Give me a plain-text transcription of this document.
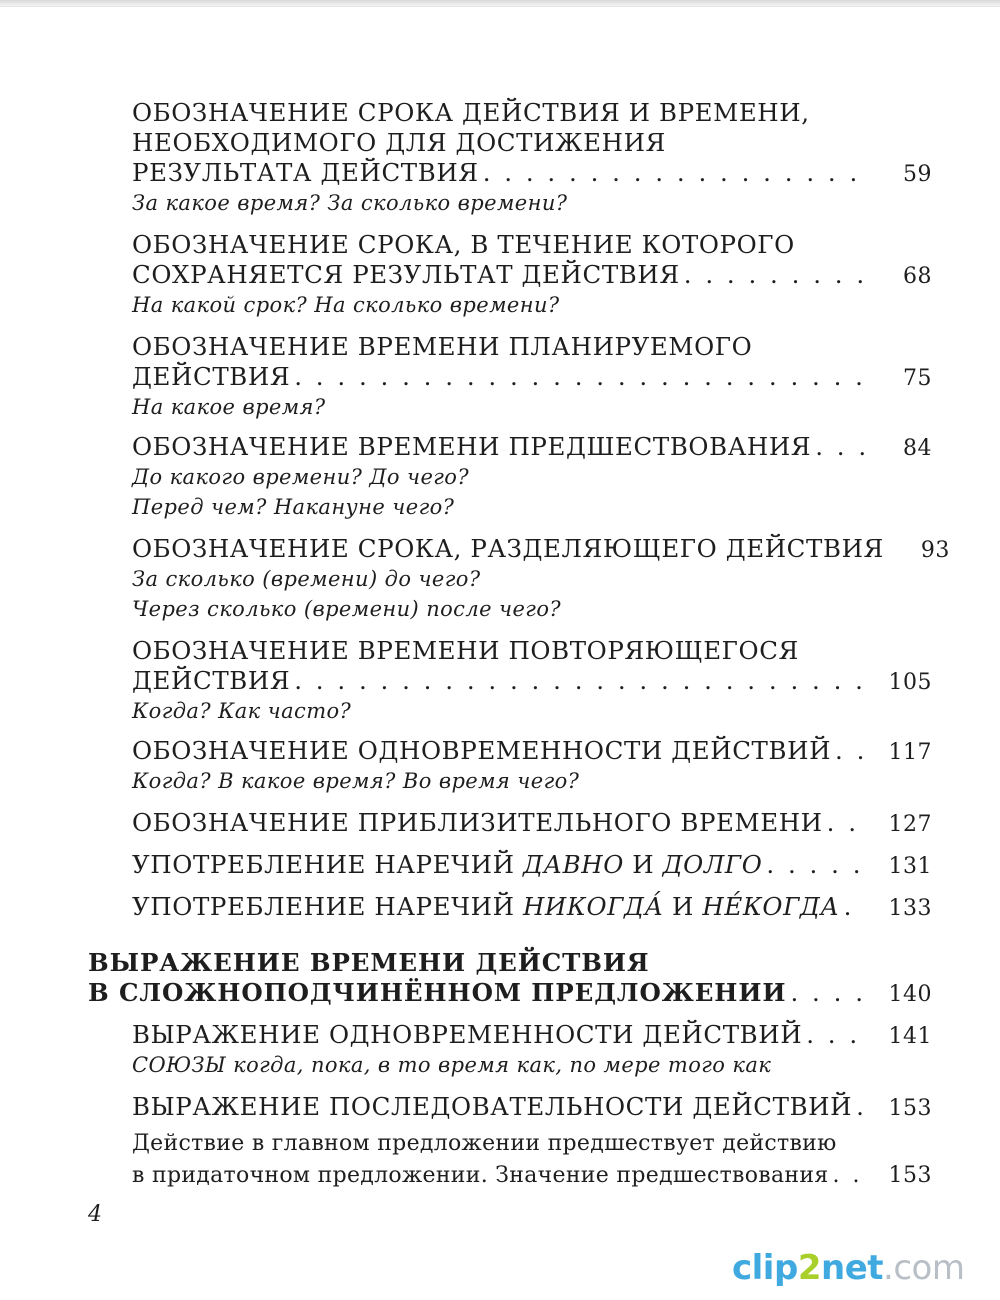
ОБОЗНАЧЕНИЕ СРОКА ДЕЙСТВИЯ И ВРЕМЕНИ,
НЕОБХОДИМОГО ДЛЯ ДОСТИЖЕНИЯ
РЕЗУЛЬТАТА ДЕЙСТВИЯ . . .	59
За какое время? За сколько времени?
ОБОЗНАЧЕНИЕ СРОКА, В ТЕЧЕНИЕ КОТОРОГО
СОХРАНЯЕТСЯ РЕЗУЛЬТАТ ДЕЙСТВИЯ . . .	68
На какой срок? На сколько времени?
ОБОЗНАЧЕНИЕ ВРЕМЕНИ ПЛАНИРУЕМОГО
ДЕЙСТВИЯ . . .	75
На какое время?
ОБОЗНАЧЕНИЕ ВРЕМЕНИ ПРЕДШЕСТВОВАНИЯ . . .	84
До какого времени? До чего?
Перед чем? Накануне чего?
ОБОЗНАЧЕНИЕ СРОКА, РАЗДЕЛЯЮЩЕГО ДЕЙСТВИЯ	93
За сколько (времени) до чего?
Через сколько (времени) после чего?
ОБОЗНАЧЕНИЕ ВРЕМЕНИ ПОВТОРЯЮЩЕГОСЯ
ДЕЙСТВИЯ . . .	105
Когда? Как часто?
ОБОЗНАЧЕНИЕ ОДНОВРЕМЕННОСТИ ДЕЙСТВИЙ . . .	117
Когда? В какое время? Во время чего?
ОБОЗНАЧЕНИЕ ПРИБЛИЗИТЕЛЬНОГО ВРЕМЕНИ . . .	127
УПОТРЕБЛЕНИЕ НАРЕЧИЙ ДАВНО И ДОЛГО . . .	131
УПОТРЕБЛЕНИЕ НАРЕЧИЙ НИКОГДА́ И НЕ́КОГДА . . . 133
ВЫРАЖЕНИЕ ВРЕМЕНИ ДЕЙСТВИЯ
В СЛОЖНОПОДЧИНЁННОМ ПРЕДЛОЖЕНИИ . . .	140
ВЫРАЖЕНИЕ ОДНОВРЕМЕННОСТИ ДЕЙСТВИЙ . . .	141
СОЮЗЫ когда, пока, в то время как, по мере того как
ВЫРАЖЕНИЕ ПОСЛЕДОВАТЕЛЬНОСТИ ДЕЙСТВИЙ . . . 153
Действие в главном предложении предшествует действию
в придаточном предложении. Значение предшествования . . .	153
4
clip2net.com
